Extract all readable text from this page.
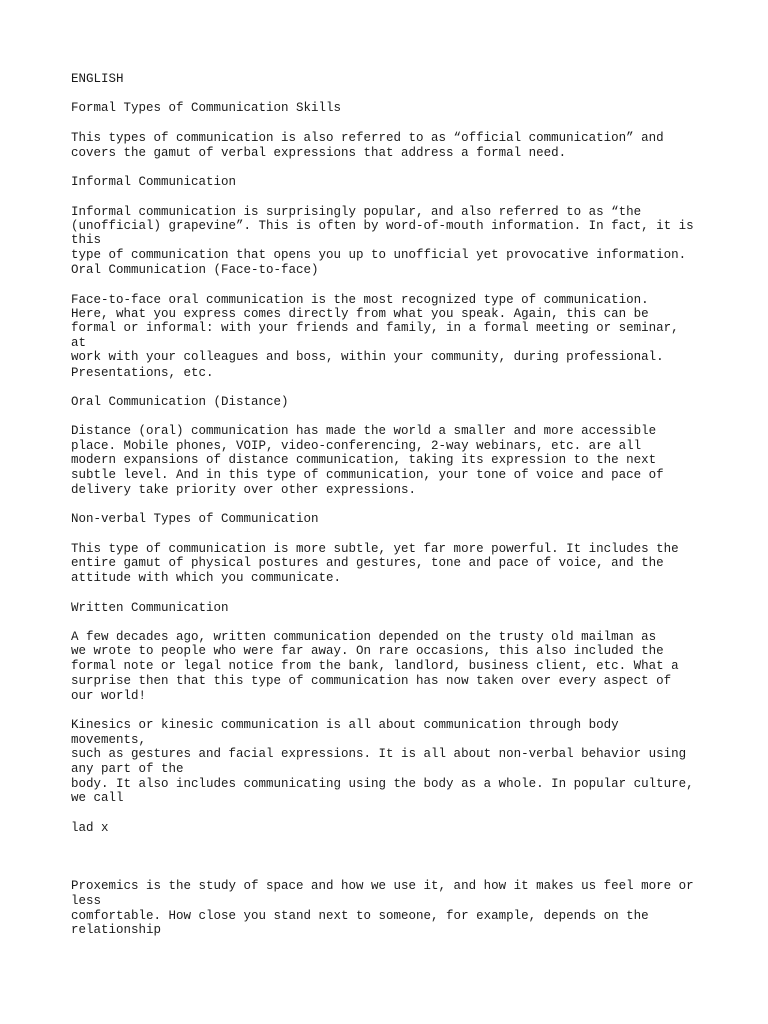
ENGLISH

Formal Types of Communication Skills

This types of communication is also referred to as “official communication” and

covers the gamut of verbal expressions that address a formal need.

Informal Communication

Informal communication is surprisingly popular, and also referred to as “the

(unofficial) grapevine”. This is often by word-of-mouth information. In fact, it is

this

type of communication that opens you up to unofficial yet provocative information.

Oral Communication (Face-to-face)

Face-to-face oral communication is the most recognized type of communication.

Here, what you express comes directly from what you speak. Again, this can be

formal or informal: with your friends and family, in a formal meeting or seminar,

at

work with your colleagues and boss, within your community, during professional.

Presentations, etc.

Oral Communication (Distance)

Distance (oral) communication has made the world a smaller and more accessible

place. Mobile phones, VOIP, video-conferencing, 2-way webinars, etc. are all

modern expansions of distance communication, taking its expression to the next

subtle level. And in this type of communication, your tone of voice and pace of

delivery take priority over other expressions.

Non-verbal Types of Communication

This type of communication is more subtle, yet far more powerful. It includes the

entire gamut of physical postures and gestures, tone and pace of voice, and the

attitude with which you communicate.

Written Communication

A few decades ago, written communication depended on the trusty old mailman as

we wrote to people who were far away. On rare occasions, this also included the

formal note or legal notice from the bank, landlord, business client, etc. What a

surprise then that this type of communication has now taken over every aspect of

our world!

Kinesics or kinesic communication is all about communication through body

movements,

such as gestures and facial expressions. It is all about non-verbal behavior using

any part of the

body. It also includes communicating using the body as a whole. In popular culture,

we call

lad x

Proxemics is the study of space and how we use it, and how it makes us feel more or

less

comfortable. How close you stand next to someone, for example, depends on the

relationship
